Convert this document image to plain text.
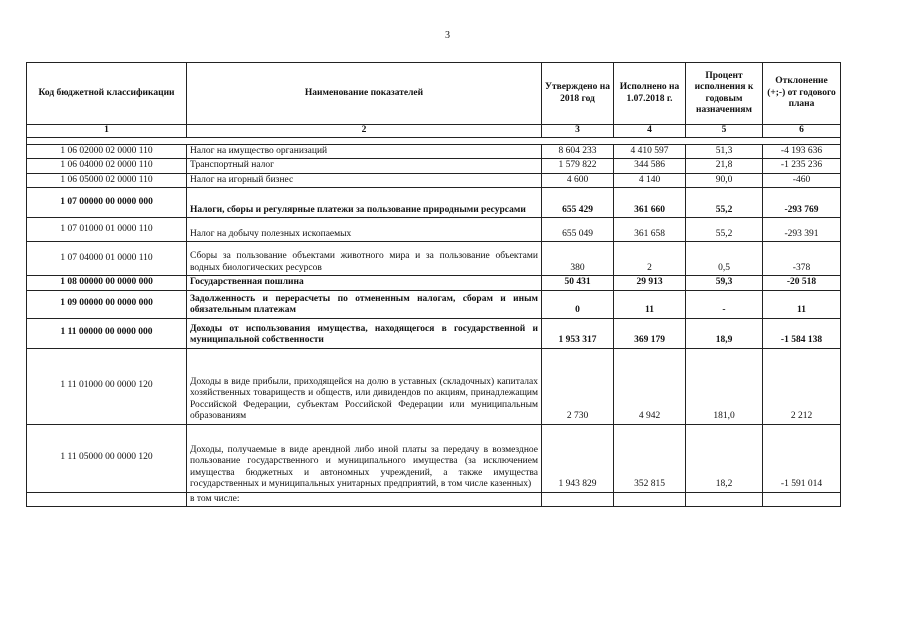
3
Код бюджетной классификации	Наименование показателей	Утверждено на 2018 год	Исполнено на 1.07.2018 г.	Процент исполнения к годовым назначениям	Отклонение (+;-) от годового плана
1	2	3	4	5	6

1 06 02000 02 0000 110	Налог на имущество организаций	8 604 233	4 410 597	51,3	-4 193 636
1 06 04000 02 0000 110	Транспортный налог	1 579 822	344 586	21,8	-1 235 236
1 06 05000 02 0000 110	Налог на игорный бизнес	4 600	4 140	90,0	-460
1 07 00000 00 0000 000	Налоги, сборы и регулярные платежи за пользование природными ресурсами	655 429	361 660	55,2	-293 769
1 07 01000 01 0000 110	Налог на добычу полезных ископаемых	655 049	361 658	55,2	-293 391
1 07 04000 01 0000 110	Сборы за пользование объектами животного мира и за пользование объектами водных биологических ресурсов	380	2	0,5	-378
1 08 00000 00 0000 000	Государственная пошлина	50 431	29 913	59,3	-20 518
1 09 00000 00 0000 000	Задолженность и перерасчеты по отмененным налогам, сборам и иным обязательным платежам	0	11	-	11
1 11 00000 00 0000 000	Доходы от использования имущества, находящегося в государственной и муниципальной собственности	1 953 317	369 179	18,9	-1 584 138
1 11 01000 00 0000 120	Доходы в виде прибыли, приходящейся на долю в уставных (складочных) капиталах хозяйственных товариществ и обществ, или дивидендов по акциям, принадлежащим Российской Федерации, субъектам Российской Федерации или муниципальным образованиям	2 730	4 942	181,0	2 212
1 11 05000 00 0000 120	Доходы, получаемые в виде арендной либо иной платы за передачу в возмездное пользование государственного и муниципального имущества (за исключением имущества бюджетных и автономных учреждений, а также имущества государственных и муниципальных унитарных предприятий, в том числе казенных)	1 943 829	352 815	18,2	-1 591 014
	в том числе:				
